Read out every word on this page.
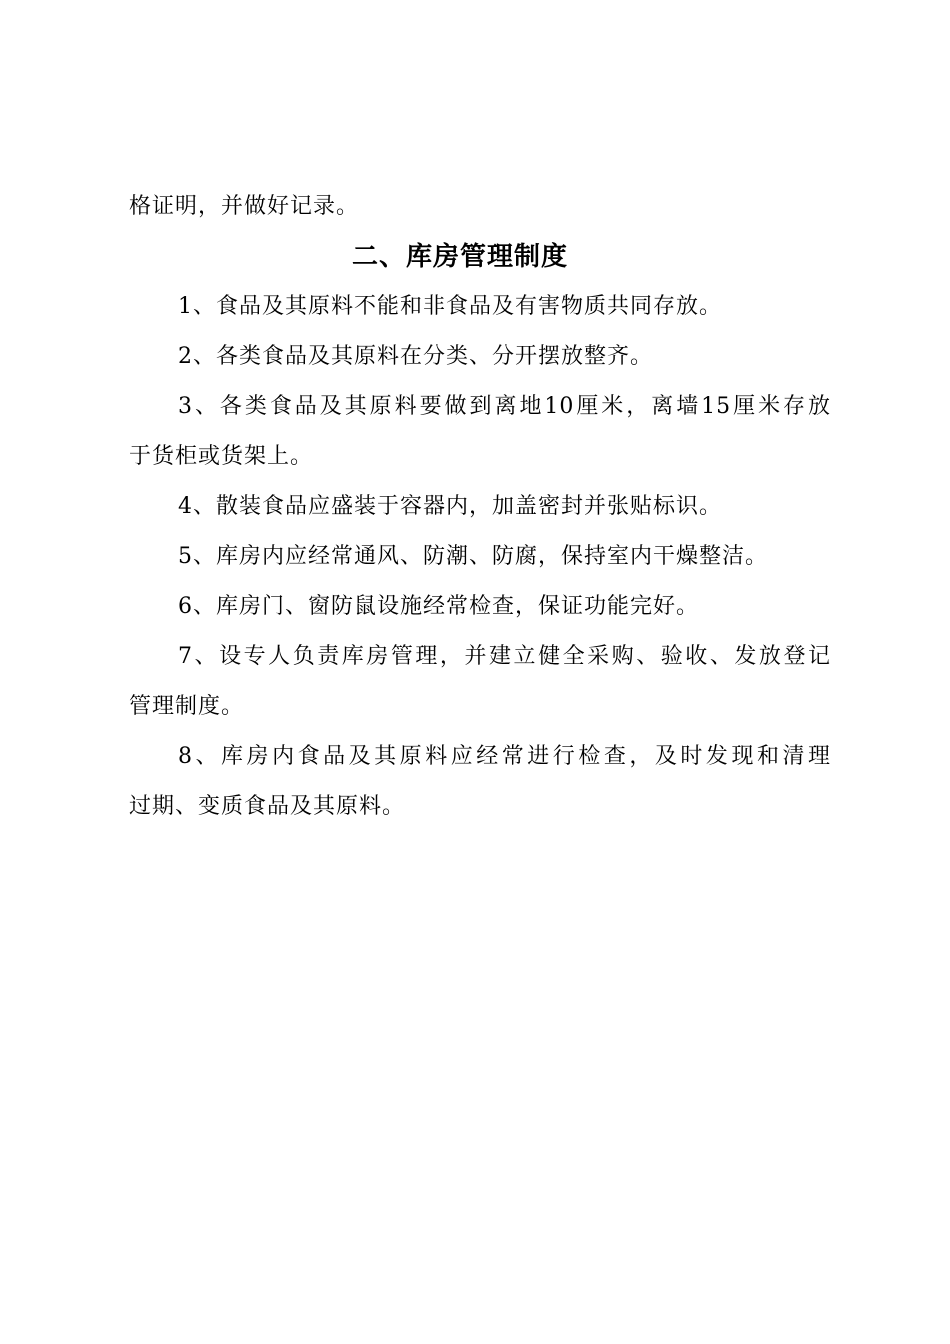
格证明，并做好记录。
二、库房管理制度
1、食品及其原料不能和非食品及有害物质共同存放。
2、各类食品及其原料在分类、分开摆放整齐。
3、各类食品及其原料要做到离地10厘米，离墙15厘米存放
于货柜或货架上。
4、散装食品应盛装于容器内，加盖密封并张贴标识。
5、库房内应经常通风、防潮、防腐，保持室内干燥整洁。
6、库房门、窗防鼠设施经常检查，保证功能完好。
7、设专人负责库房管理，并建立健全采购、验收、发放登记
管理制度。
8、库房内食品及其原料应经常进行检查，及时发现和清理
过期、变质食品及其原料。
